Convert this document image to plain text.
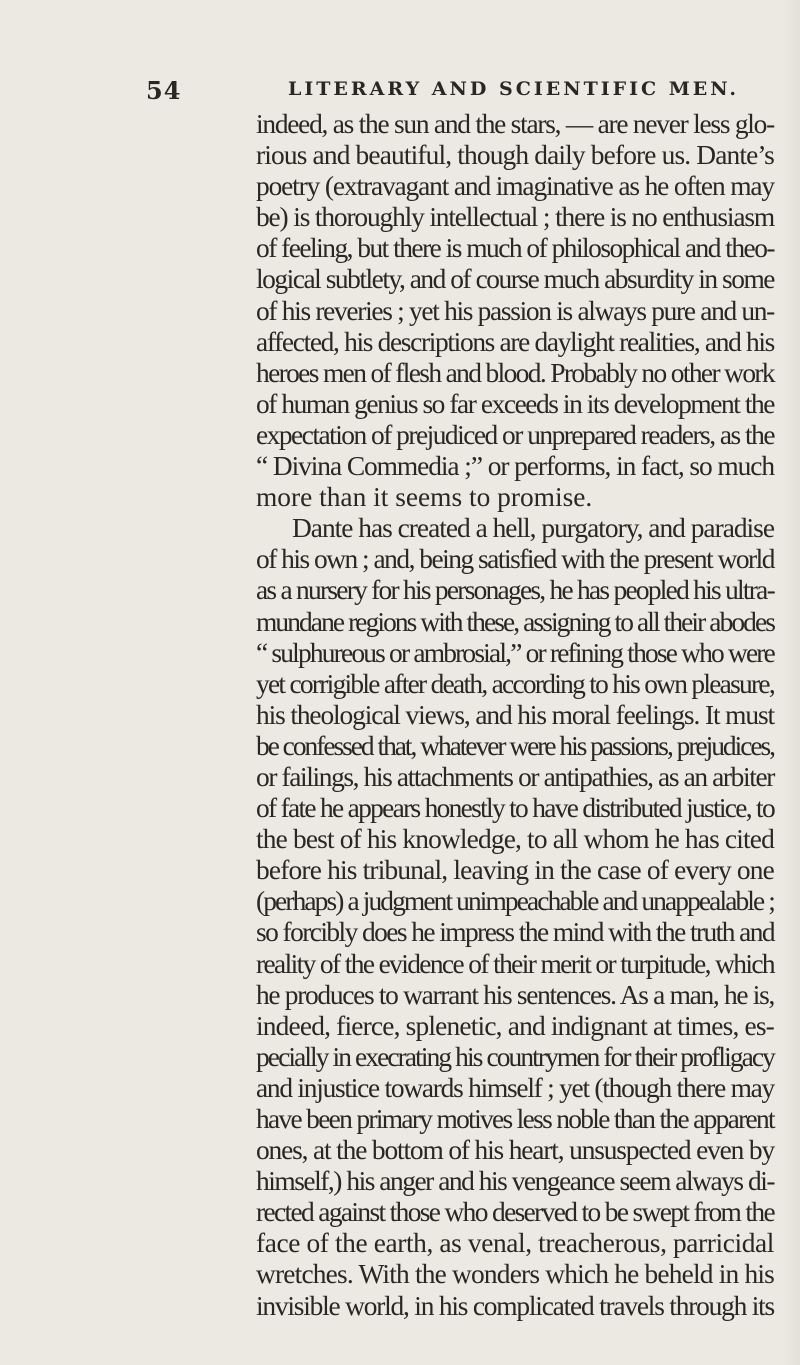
54	LITERARY AND SCIENTIFIC MEN.

indeed, as the sun and the stars, — are never less glo-
rious and beautiful, though daily before us. Dante’s
poetry (extravagant and imaginative as he often may
be) is thoroughly intellectual ; there is no enthusiasm
of feeling, but there is much of philosophical and theo-
logical subtlety, and of course much absurdity in some
of his reveries ; yet his passion is always pure and un-
affected, his descriptions are daylight realities, and his
heroes men of flesh and blood. Probably no other work
of human genius so far exceeds in its development the
expectation of prejudiced or unprepared readers, as the
“ Divina Commedia ;” or performs, in fact, so much
more than it seems to promise.

Dante has created a hell, purgatory, and paradise
of his own ; and, being satisfied with the present world
as a nursery for his personages, he has peopled his ultra-
mundane regions with these, assigning to all their abodes
“ sulphureous or ambrosial,” or refining those who were
yet corrigible after death, according to his own pleasure,
his theological views, and his moral feelings. It must
be confessed that, whatever were his passions, prejudices,
or failings, his attachments or antipathies, as an arbiter
of fate he appears honestly to have distributed justice, to
the best of his knowledge, to all whom he has cited
before his tribunal, leaving in the case of every one
(perhaps) a judgment unimpeachable and unappealable ;
so forcibly does he impress the mind with the truth and
reality of the evidence of their merit or turpitude, which
he produces to warrant his sentences. As a man, he is,
indeed, fierce, splenetic, and indignant at times, es-
pecially in execrating his countrymen for their profligacy
and injustice towards himself ; yet (though there may
have been primary motives less noble than the apparent
ones, at the bottom of his heart, unsuspected even by
himself,) his anger and his vengeance seem always di-
rected against those who deserved to be swept from the
face of the earth, as venal, treacherous, parricidal
wretches. With the wonders which he beheld in his
invisible world, in his complicated travels through its
